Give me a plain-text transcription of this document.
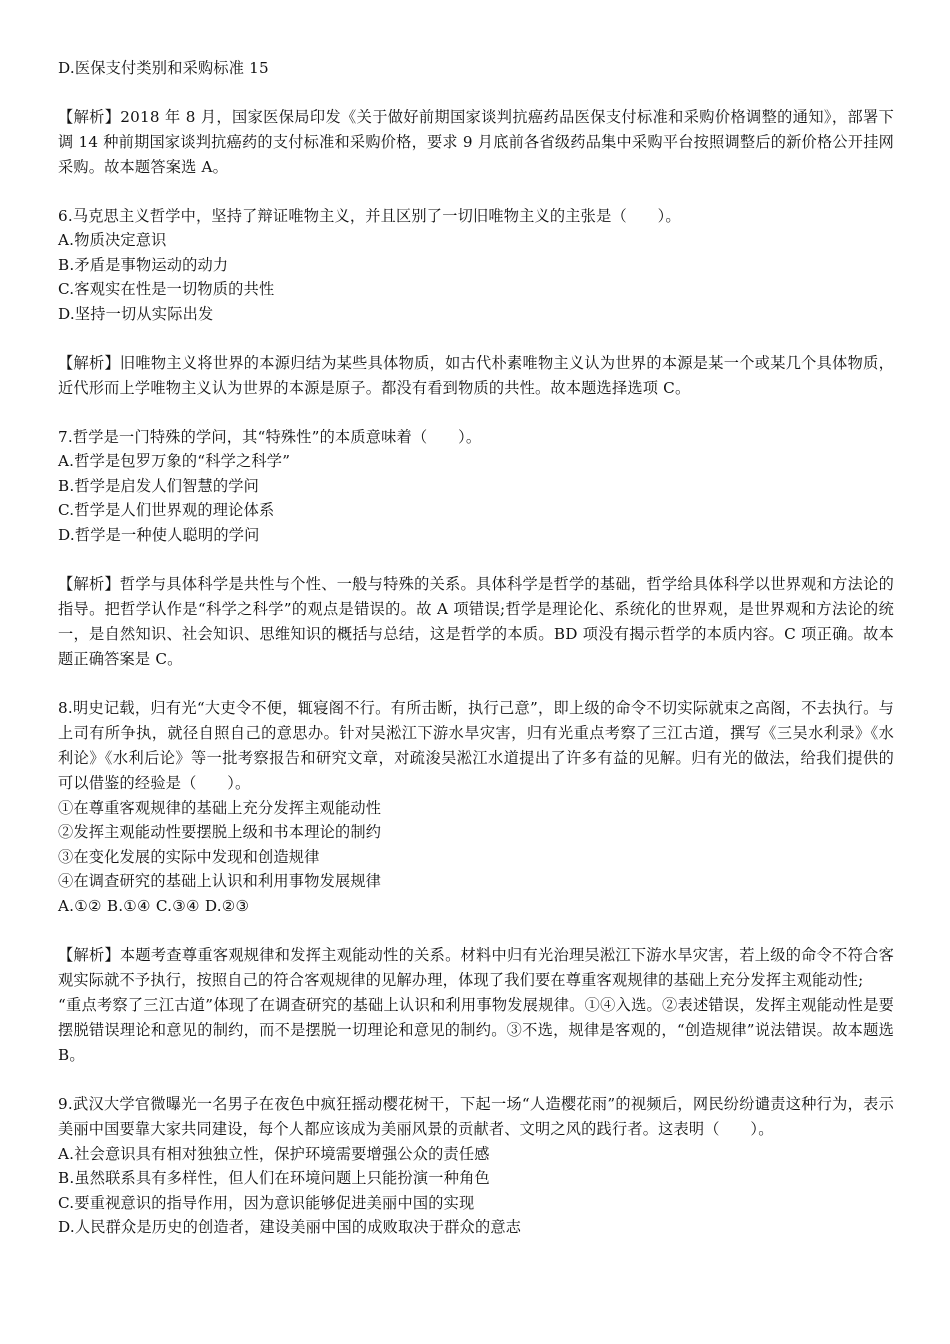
D.医保支付类别和采购标准 15
【解析】2018 年 8 月，国家医保局印发《关于做好前期国家谈判抗癌药品医保支付标准和采购价格调整的通知》，部署下调 14 种前期国家谈判抗癌药的支付标准和采购价格，要求 9 月底前各省级药品集中采购平台按照调整后的新价格公开挂网采购。故本题答案选 A。
6.马克思主义哲学中，坚持了辩证唯物主义，并且区别了一切旧唯物主义的主张是（　　）。
A.物质决定意识
B.矛盾是事物运动的动力
C.客观实在性是一切物质的共性
D.坚持一切从实际出发
【解析】旧唯物主义将世界的本源归结为某些具体物质，如古代朴素唯物主义认为世界的本源是某一个或某几个具体物质，近代形而上学唯物主义认为世界的本源是原子。都没有看到物质的共性。故本题选择选项 C。
7.哲学是一门特殊的学问，其“特殊性”的本质意味着（　　）。
A.哲学是包罗万象的“科学之科学”
B.哲学是启发人们智慧的学问
C.哲学是人们世界观的理论体系
D.哲学是一种使人聪明的学问
【解析】哲学与具体科学是共性与个性、一般与特殊的关系。具体科学是哲学的基础，哲学给具体科学以世界观和方法论的指导。把哲学认作是“科学之科学”的观点是错误的。故 A 项错误;哲学是理论化、系统化的世界观，是世界观和方法论的统一，是自然知识、社会知识、思维知识的概括与总结，这是哲学的本质。BD 项没有揭示哲学的本质内容。C 项正确。故本题正确答案是 C。
8.明史记载，归有光“大吏令不便，辄寝阁不行。有所击断，执行己意”，即上级的命令不切实际就束之高阁，不去执行。与上司有所争执，就径自照自己的意思办。针对吴淞江下游水旱灾害，归有光重点考察了三江古道，撰写《三吴水利录》《水利论》《水利后论》等一批考察报告和研究文章，对疏浚吴淞江水道提出了许多有益的见解。归有光的做法，给我们提供的可以借鉴的经验是（　　）。
①在尊重客观规律的基础上充分发挥主观能动性
②发挥主观能动性要摆脱上级和书本理论的制约
③在变化发展的实际中发现和创造规律
④在调查研究的基础上认识和利用事物发展规律
A.①② B.①④ C.③④ D.②③
【解析】本题考查尊重客观规律和发挥主观能动性的关系。材料中归有光治理吴淞江下游水旱灾害，若上级的命令不符合客观实际就不予执行，按照自己的符合客观规律的见解办理，体现了我们要在尊重客观规律的基础上充分发挥主观能动性;
“重点考察了三江古道”体现了在调查研究的基础上认识和利用事物发展规律。①④入选。②表述错误，发挥主观能动性是要摆脱错误理论和意见的制约，而不是摆脱一切理论和意见的制约。③不选，规律是客观的，“创造规律”说法错误。故本题选 B。
9.武汉大学官微曝光一名男子在夜色中疯狂摇动樱花树干，下起一场“人造樱花雨”的视频后，网民纷纷谴责这种行为，表示美丽中国要靠大家共同建设，每个人都应该成为美丽风景的贡献者、文明之风的践行者。这表明（　　）。
A.社会意识具有相对独独立性，保护环境需要增强公众的责任感
B.虽然联系具有多样性，但人们在环境问题上只能扮演一种角色
C.要重视意识的指导作用，因为意识能够促进美丽中国的实现
D.人民群众是历史的创造者，建设美丽中国的成败取决于群众的意志
